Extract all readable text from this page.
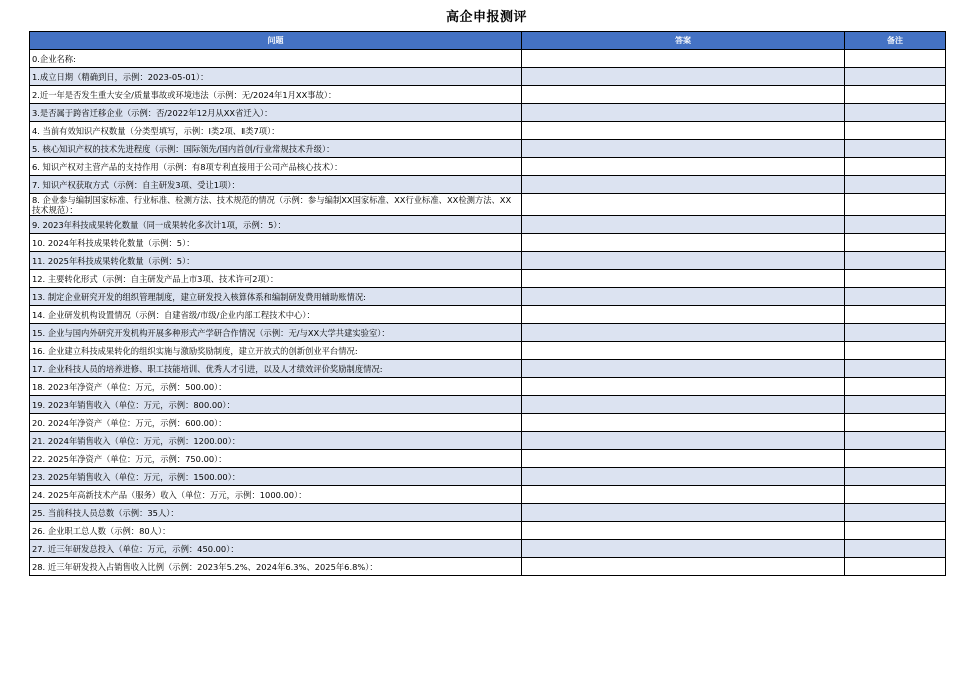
高企申报测评
问题	答案	备注
0.企业名称:		
1.成立日期（精确到日，示例：2023-05-01）：		
2.近一年是否发生重大安全/质量事故或环境违法（示例：无/2024年1月XX事故）：		
3.是否属于跨省迁移企业（示例：否/2022年12月从XX省迁入）：		
4. 当前有效知识产权数量（分类型填写，示例：Ⅰ类2项、Ⅱ类7项）：		
5. 核心知识产权的技术先进程度（示例：国际领先/国内首创/行业常规技术升级）：		
6. 知识产权对主营产品的支持作用（示例：有8项专利直接用于公司产品核心技术）：		
7. 知识产权获取方式（示例：自主研发3项、受让1项）：		
8. 企业参与编制国家标准、行业标准、检测方法、技术规范的情况（示例：参与编制XX国家标准、XX行业标准、XX检测方法、XX技术规范）：		
9. 2023年科技成果转化数量（同一成果转化多次计1项，示例：5）：		
10. 2024年科技成果转化数量（示例：5）：		
11. 2025年科技成果转化数量（示例：5）：		
12. 主要转化形式（示例：自主研发产品上市3项、技术许可2项）：		
13. 制定企业研究开发的组织管理制度，建立研发投入核算体系和编制研发费用辅助账情况:		
14. 企业研发机构设置情况（示例：自建省级/市级/企业内部工程技术中心）：		
15. 企业与国内外研究开发机构开展多种形式产学研合作情况（示例：无/与XX大学共建实验室）：		
16. 企业建立科技成果转化的组织实施与激励奖励制度，建立开放式的创新创业平台情况:		
17. 企业科技人员的培养进修、职工技能培训、优秀人才引进，以及人才绩效评价奖励制度情况:		
18. 2023年净资产（单位：万元，示例：500.00）：		
19. 2023年销售收入（单位：万元，示例：800.00）：		
20. 2024年净资产（单位：万元，示例：600.00）：		
21. 2024年销售收入（单位：万元，示例：1200.00）：		
22. 2025年净资产（单位：万元，示例：750.00）：		
23. 2025年销售收入（单位：万元，示例：1500.00）：		
24. 2025年高新技术产品（服务）收入（单位：万元，示例：1000.00）：		
25. 当前科技人员总数（示例：35人）：		
26. 企业职工总人数（示例：80人）：		
27. 近三年研发总投入（单位：万元，示例：450.00）：		
28. 近三年研发投入占销售收入比例（示例：2023年5.2%、2024年6.3%、2025年6.8%）：		
